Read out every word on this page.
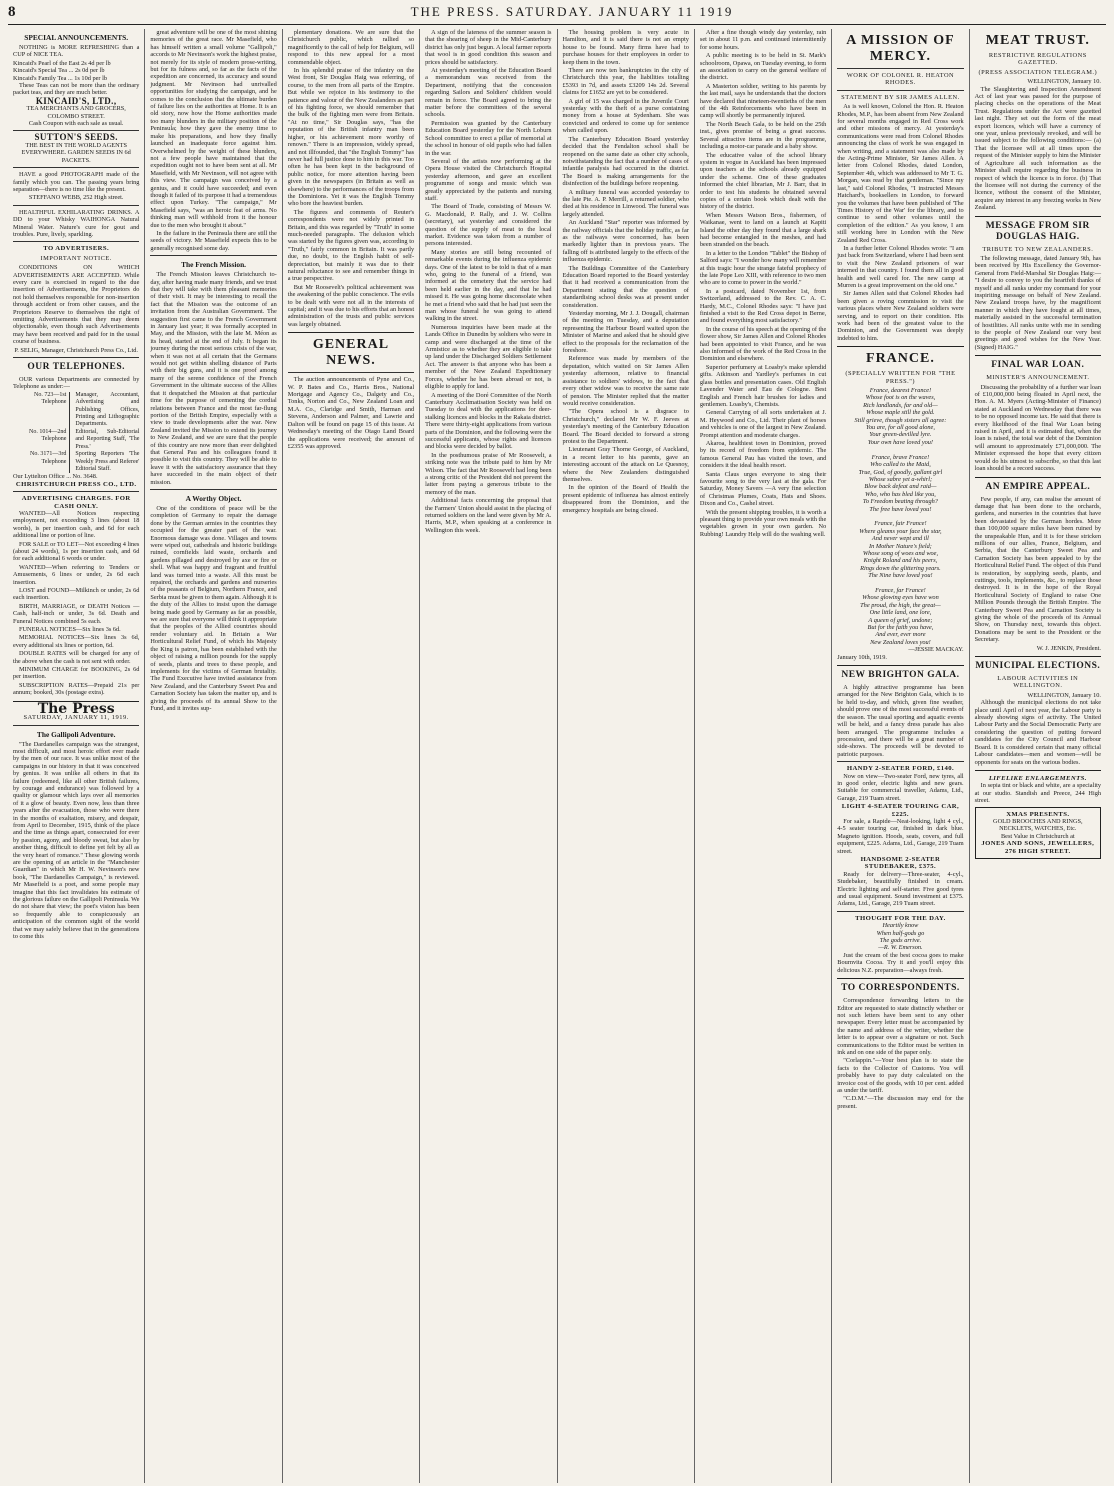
8	THE PRESS. SATURDAY. JANUARY 11 1919
SPECIAL ANNOUNCEMENTS.

NOTHING is MORE REFRESHING than a CUP of NICE TEA.

Kincaid's Pearl of the East 2s 4d per lb
Kincaid's Special Tea ... 2s 0d per lb
Kincaid's Family Tea ... 1s 10d per lb

These Teas can not be more than the ordinary packet teas, and they are much better.

KINCAID'S, LTD.,
TEA MERCHANTS AND GROCERS, COLOMBO STREET.
Cash Coupon with each sale as usual.
SUTTON'S SEEDS.
THE BEST IN THE WORLD AGENTS EVERYWHERE. GARDEN SEEDS IN 6d PACKETS.

HAVE a good PHOTOGRAPH made of the family which you can. The passing years bring separation—there is no time like the present.

STEFFANO WEBB, 252 High street.

HEALTHFUL EXHILARATING DRINKS. A DD to your Whisky WAIHONGA Natural Mineral Water. Nature's cure for gout and troubles. Pure, lively, sparkling.

TO ADVERTISERS.
IMPORTANT NOTICE.

CONDITIONS ON WHICH ADVERTISEMENTS ARE ACCEPTED. While every care is exercised in regard to the due insertion of Advertisements, the Proprietors do not hold themselves responsible for non-insertion through accident or from other causes, and the Proprietors Reserve to themselves the right of omitting Advertisements that they may deem objectionable, even though such Advertisements may have been received and paid for in the usual course of business.

P. SELIG, Manager, Christchurch Press Co., Ltd.
OUR TELEPHONES.

OUR various Departments are connected by Telephone as under:—

No. 723—1st Telephone
Manager, Accountant, Advertising and Publishing Offices, Printing and Lithographic Departments.
No. 1014—2nd Telephone
Editorial, Sub-Editorial and Reporting Staff, 'The Press.'
No. 3171—3rd Telephone
Sporting Reporters 'The Weekly Press and Referee' Editorial Staff.
Our Lyttelton Office ... No. 3648.
CHRISTCHURCH PRESS CO., LTD.
ADVERTISING CHARGES. FOR CASH ONLY.

WANTED—All Notices respecting employment, not exceeding 3 lines (about 18 words), is per insertion cash, and 6d for each additional line or portion of line.

FOR SALE or TO LET—Not exceeding 4 lines (about 24 words), 1s per insertion cash, and 6d for each additional 6 words or under.

WANTED—When referring to Tenders or Amusements, 6 lines or under, 2s 6d each insertion.

LOST and FOUND—Milkinch or under, 2s 6d each insertion.

BIRTH, MARRIAGE, or DEATH Notices —Cash, half-inch or under, 3s 6d. Death and Funeral Notices combined 5s each.

FUNERAL NOTICES—Six lines 3s 6d.

MEMORIAL NOTICES—Six lines 3s 6d, every additional six lines or portion, 6d.

DOUBLE RATES will be charged for any of the above when the cash is not sent with order.

MINIMUM CHARGE for BOOKING, 2s 6d per insertion.

SUBSCRIPTION RATES—Prepaid 21s per annum; booked, 30s (postage extra).

The Press
SATURDAY, JANUARY 11, 1919.
The Gallipoli Adventure.

"The Dardanelles campaign was the strangest, most difficult, and most heroic effort ever made by the men of our race. It was unlike most of the campaigns in our history in that it was conceived by genius. It was unlike all others in that its failure (redeemed, like all other British failures, by courage and endurance) was followed by a quality or glamour which lays over all memories of it a glow of beauty. Even now, less than three years after the evacuation, those who were there in the months of exaltation, misery, and despair, from April to December, 1915, think of the place and the time as things apart, consecrated for ever by passion, agony, and bloody sweat, but also by another thing, difficult to define yet felt by all as the very heart of romance." These glowing words are the opening of an article in the "Manchester Guardian" in which Mr H. W. Nevinson's new book, "The Dardanelles Campaign," is reviewed. Mr Masefield is a poet, and some people may imagine that this fact invalidates his estimate of the glorious failure on the Gallipoli Peninsula. We do not share that view; the poet's vision has been so frequently able to conspicuously an anticipation of the common sight of the world that we may safely believe that in the generations to come this

great adventure will be one of the most shining memories of the great race. Mr Masefield, who has himself written a small volume "Gallipoli," accords to Mr Nevinson's work the highest praise, not merely for its style of modern prose-writing, but for its fulness and, so far as the facts of the expedition are concerned, its accuracy and sound judgment. Mr Nevinson had unrivalled opportunities for studying the campaign, and he comes to the conclusion that the ultimate burden of failure lies on the authorities at Home. It is an old story, now how the Home authorities made too many blunders in the military position of the Peninsula; how they gave the enemy time to make his preparations, and how they finally launched an inadequate force against him. Overwhelmed by the weight of these blunders, not a few people have maintained that the expedition ought not to have been sent at all. Mr Masefield, with Mr Nevinson, will not agree with this view. The campaign was conceived by a genius, and it could have succeeded; and even though it failed of its purpose it had a tremendous effect upon Turkey. "The campaign," Mr Masefield says, "was an heroic feat of arms. No thinking man will withhold from it the honour due to the men who brought it about."

In the failure in the Peninsula there are still the seeds of victory. Mr Masefield expects this to be generally recognised some day.

The French Mission.

The French Mission leaves Christchurch to-day, after having made many friends, and we trust that they will take with them pleasant memories of their visit. It may be interesting to recall the fact that the Mission was the outcome of an invitation from the Australian Government. The suggestion first came to the French Government in January last year; it was formally accepted in May, and the Mission, with the late M. Méon as its head, started at the end of July. It began its journey during the most serious crisis of the war, when it was not at all certain that the Germans would not get within shelling distance of Paris with their big guns, and it is one proof among many of the serene confidence of the French Government in the ultimate success of the Allies that it despatched the Mission at that particular time for the purpose of cementing the cordial relations between France and the most far-flung portion of the British Empire, especially with a view to trade developments after the war. New Zealand invited the Mission to extend its journey to New Zealand, and we are sure that the people of this country are now more than ever delighted that General Pau and his colleagues found it possible to visit this country. They will be able to leave it with the satisfactory assurance that they have succeeded in the main object of their mission.

A Worthy Object.

One of the conditions of peace will be the completion of Germany to repair the damage done by the German armies in the countries they occupied for the greater part of the war. Enormous damage was done. Villages and towns were wiped out, cathedrals and historic buildings ruined, cornfields laid waste, orchards and gardens pillaged and destroyed by axe or fire or shell. What was happy and fragrant and fruitful land was turned into a waste. All this must be repaired, the orchards and gardens and nurseries of the peasants of Belgium, Northern France, and Serbia must be given to them again. Although it is the duty of the Allies to insist upon the damage being made good by Germany as far as possible, we are sure that everyone will think it appropriate that the peoples of the Allied countries should render voluntary aid. In Britain a War Horticultural Relief Fund, of which his Majesty the King is patron, has been established with the object of raising a million pounds for the supply of seeds, plants and trees to these people, and implements for the victims of German brutality. The Fund Executive have invited assistance from New Zealand, and the Canterbury Sweet Pea and Carnation Society has taken the matter up, and is giving the proceeds of its annual Show to the Fund, and it invites sup-

plementary donations. We are sure that the Christchurch public, which rallied so magnificently to the call of help for Belgium, will respond to this new appeal for a most commendable object.

In his splendid praise of the infantry on the West front, Sir Douglas Haig was referring, of course, to the men from all parts of the Empire. But while we rejoice in his testimony to the patience and valour of the New Zealanders as part of his fighting force, we should remember that the bulk of the fighting men were from Britain. "At no time," Sir Douglas says, "has the reputation of the British infantry man been higher, or his achievement more worthy of renown." There is an impression, widely spread, and not illfounded, that "the English Tommy" has never had full justice done to him in this war. Too often he has been kept in the background of public notice, for more attention having been given in the newspapers (in Britain as well as elsewhere) to the performances of the troops from the Dominions. Yet it was the English Tommy who bore the heaviest burden.

The figures and comments of Reuter's correspondents were not widely printed in Britain, and this was regarded by "Truth" in some much-needed paragraphs. The delusion which was started by the figures given was, according to "Truth," fairly common in Britain. It was partly due, no doubt, to the English habit of self-depreciation, but mainly it was due to their natural reluctance to see and remember things in a true perspective.

But Mr Roosevelt's political achievement was the awakening of the public conscience. The evils to be dealt with were not all in the interests of capital; and it was due to his efforts that an honest administration of the trusts and public services was largely obtained.

GENERAL NEWS.

The auction announcements of Pyne and Co., W. P. Bates and Co., Harris Bros., National Mortgage and Agency Co., Dalgety and Co., Tonks, Norton and Co., New Zealand Loan and M.A. Co., Claridge and Smith, Harman and Stevens, Anderson and Palmer, and Lawrie and Dalton will be found on page 15 of this issue. At Wednesday's meeting of the Otago Land Board the applications were received; the amount of £2355 was approved.

A sign of the lateness of the summer season is that the shearing of sheep in the Mid-Canterbury district has only just begun. A local farmer reports that wool is in good condition this season and prices should be satisfactory.

At yesterday's meeting of the Education Board a memorandum was received from the Department, notifying that the concession regarding Sailors and Soldiers' children would remain in force. The Board agreed to bring the matter before the committees of the several schools.

Permission was granted by the Canterbury Education Board yesterday for the North Loburn School committee to erect a pillar of memorial at the school in honour of old pupils who had fallen in the war.

Several of the artists now performing at the Opera House visited the Christchurch Hospital yesterday afternoon, and gave an excellent programme of songs and music which was greatly appreciated by the patients and nursing staff.

The Board of Trade, consisting of Messrs W. G. Macdonald, P. Rally, and J. W. Collins (secretary), sat yesterday and considered the question of the supply of meat to the local market. Evidence was taken from a number of persons interested.

Many stories are still being recounted of remarkable events during the influenza epidemic days. One of the latest to be told is that of a man who, going to the funeral of a friend, was informed at the cemetery that the service had been held earlier in the day, and that he had missed it. He was going home disconsolate when he met a friend who said that he had just seen the man whose funeral he was going to attend walking in the street.

Numerous inquiries have been made at the Lands Office in Dunedin by soldiers who were in camp and were discharged at the time of the Armistice as to whether they are eligible to take up land under the Discharged Soldiers Settlement Act. The answer is that anyone who has been a member of the New Zealand Expeditionary Forces, whether he has been abroad or not, is eligible to apply for land.

A meeting of the Doré Committee of the North Canterbury Acclimatisation Society was held on Tuesday to deal with the applications for deer-stalking licences and blocks in the Rakaia district. There were thirty-eight applications from various parts of the Dominion, and the following were the successful applicants, whose rights and licences and blocks were decided by ballot.

In the posthumous praise of Mr Roosevelt, a striking note was the tribute paid to him by Mr Wilson. The fact that Mr Roosevelt had long been a strong critic of the President did not prevent the latter from paying a generous tribute to the memory of the man.

Additional facts concerning the proposal that the Farmers' Union should assist in the placing of returned soldiers on the land were given by Mr A. Harris, M.P., when speaking at a conference in Wellington this week.

The housing problem is very acute in Hamilton, and it is said there is not an empty house to be found. Many firms have had to purchase houses for their employees in order to keep them in the town.

There are now ten bankruptcies in the city of Christchurch this year, the liabilities totalling £5393 in 7d, and assets £3209 14s 2d. Several claims for £1652 are yet to be considered.

A girl of 15 was charged in the Juvenile Court yesterday with the theft of a purse containing money from a house at Sydenham. She was convicted and ordered to come up for sentence when called upon.

The Canterbury Education Board yesterday decided that the Fendalton school shall be reopened on the same date as other city schools, notwithstanding the fact that a number of cases of infantile paralysis had occurred in the district. The Board is making arrangements for the disinfection of the buildings before reopening.

A military funeral was accorded yesterday to the late Pte. A. P. Merrill, a returned soldier, who died at his residence in Linwood. The funeral was largely attended.

An Auckland "Star" reporter was informed by the railway officials that the holiday traffic, as far as the railways were concerned, has been markedly lighter than in previous years. The falling off is attributed largely to the effects of the influenza epidemic.

The Buildings Committee of the Canterbury Education Board reported to the Board yesterday that it had received a communication from the Department stating that the question of standardising school desks was at present under consideration.

Yesterday morning, Mr J. J. Dougall, chairman of the meeting on Tuesday, and a deputation representing the Harbour Board waited upon the Minister of Marine and asked that he should give effect to the proposals for the reclamation of the foreshore.

Reference was made by members of the deputation, which waited on Sir James Allen yesterday afternoon, relative to financial assistance to soldiers' widows, to the fact that every other widow was to receive the same rate of pension. The Minister replied that the matter would receive consideration.

"The Opera school is a disgrace to Christchurch," declared Mr W. F. Jeeves at yesterday's meeting of the Canterbury Education Board. The Board decided to forward a strong protest to the Department.

Lieutenant Gray Thorne George, of Auckland, in a recent letter to his parents, gave an interesting account of the attack on Le Quesnoy, where the New Zealanders distinguished themselves.

In the opinion of the Board of Health the present epidemic of influenza has almost entirely disappeared from the Dominion, and the emergency hospitals are being closed.

After a fine though windy day yesterday, rain set in about 11 p.m. and continued intermittently for some hours.

A public meeting is to be held in St. Mark's schoolroom, Opawa, on Tuesday evening, to form an association to carry on the general welfare of the district.

A Masterton soldier, writing to his parents by the last mail, says he understands that the doctors have declared that nineteen-twentieths of the men of the 4th Reinforcements who have been in camp will shortly be permanently injured.

The North Beach Gala, to be held on the 25th inst., gives promise of being a great success. Several attractive items are in the programme, including a motor-car parade and a baby show.

The educative value of the school library system in vogue in Auckland has been impressed upon teachers at the schools already equipped under the scheme. One of these graduates informed the chief librarian, Mr J. Barr, that in order to test his students he obtained several copies of a certain book which dealt with the history of the district.

When Messrs Watson Bros., fishermen, of Waikanae, went to land on a launch at Kapiti Island the other day they found that a large shark had become entangled in the meshes, and had been stranded on the beach.

In a letter to the London "Tablet" the Bishop of Salford says: "I wonder how many will remember at this tragic hour the strange fateful prophecy of the late Pope Leo XIII, with reference to two men who are to come to power in the world."

In a postcard, dated November 1st, from Switzerland, addressed to the Rev. C. A. C. Hardy, M.C., Colonel Rhodes says: "I have just finished a visit to the Red Cross depot in Berne, and found everything most satisfactory."

In the course of his speech at the opening of the flower show, Sir James Allen and Colonel Rhodes had been appointed to visit France, and he was also informed of the work of the Red Cross in the Dominion and elsewhere.

Superior perfumery at Loasby's make splendid gifts. Atkinson and Yardley's perfumes in cut glass bottles and presentation cases. Old English Lavender Water and Eau de Cologne. Best English and French hair brushes for ladies and gentlemen. Loasby's, Chemists.

General Carrying of all sorts undertaken at J. M. Heywood and Co., Ltd. Their plant of horses and vehicles is one of the largest in New Zealand. Prompt attention and moderate charges.

Akaroa, healthiest town in Dominion, proved by its record of freedom from epidemic. The famous General Pau has visited the town, and considers it the ideal health resort.

Santa Claus urges everyone to sing their favourite song to the very last at the gala. For Saturday, Money Savers —A very fine selection of Christmas Plumes, Coats, Hats and Shoes. Dixon and Co., Cashel street.

With the present shipping troubles, it is worth a pleasant thing to provide your own meals with the vegetables grown in your own garden. No Rubbing! Laundry Help will do the washing well.

A MISSION OF MERCY.
WORK OF COLONEL R. HEATON RHODES.
STATEMENT BY SIR JAMES ALLEN.

As is well known, Colonel the Hon. R. Heaton Rhodes, M.P., has been absent from New Zealand for several months engaged in Red Cross work and other missions of mercy. At yesterday's communications were read from Colonel Rhodes announcing the class of work he was engaged in when writing, and a statement was also made by the Acting-Prime Minister, Sir James Allen. A letter from Colonel Rhodes, dated London, September 4th, which was addressed to Mr T. G. Morgan, was read by that gentleman. "Since my last," said Colonel Rhodes, "I instructed Messrs Hatchard's, booksellers in London, to forward you the volumes that have been published of 'The Times History of the War' for the library, and to continue to send other volumes until the completion of the edition." As you know, I am still working here in London with the New Zealand Red Cross.

In a further letter Colonel Rhodes wrote: "I am just back from Switzerland, where I had been sent to visit the New Zealand prisoners of war interned in that country. I found them all in good health and well cared for. The new camp at Murren is a great improvement on the old one."

Sir James Allen said that Colonel Rhodes had been given a roving commission to visit the various places where New Zealand soldiers were serving, and to report on their condition. His work had been of the greatest value to the Dominion, and the Government was deeply indebted to him.

FRANCE.
(SPECIALLY WRITTEN FOR "THE PRESS.")
France, dearest France!
Whose foot is on the waves,
Rich landlands, far and old—
Whose maple still the gold.
Still grieve, though sisters all agree:
You are, for all good alone,
Your green-devilled lyre.
Your own have loved you!

France, brave France!
Who called to the Maid,
True, God, of goodly, gallant girl
Whose sabre yet a-whirl;
Blow back defeat and raid—
Who, who has bled like you,
To Freedom beating through?
The free have loved you!

France, fair France!
Where gleams your face the star,
And never wept and ill
In Mother Nature's field;
Whose song of woes and woe,
Knight Roland and his peers,
Rings down the glittering years.
The Nine have loved you!

France, far France!
Whose glowing eyes have won
The proud, the high, the great—
One little land, one lore,
A queen of grief, undone;
But for the faith you have,
And ever, ever more
New Zealand loves you!
—JESSIE MACKAY.
January 10th, 1919.
NEW BRIGHTON GALA.

A highly attractive programme has been arranged for the New Brighton Gala, which is to be held to-day, and which, given fine weather, should prove one of the most successful events of the season. The usual sporting and aquatic events will be held, and a fancy dress parade has also been arranged. The programme includes a procession, and there will be a great number of side-shows. The proceeds will be devoted to patriotic purposes.

HANDY 2-SEATER FORD, £140.

Now on view—Two-seater Ford, new tyres, all in good order, electric lights and new gears. Suitable for commercial traveller, Adams, Ltd., Garage, 219 Tuam street.

LIGHT 4-SEATER TOURING CAR, £225.

For sale, a Rapide—Neat-looking, light 4 cyl., 4-5 seater touring car, finished in dark blue. Magneto ignition. Hoods, seats, covers, and full equipment, £225. Adams, Ltd., Garage, 219 Tuam street.

HANDSOME 2-SEATER STUDEBAKER, £375.

Ready for delivery—Three-seater, 4-cyl., Studebaker, beautifully finished in cream. Electric lighting and self-starter. Five good tyres and usual equipment. Sound investment at £375. Adams, Ltd., Garage, 219 Tuam street.

THOUGHT FOR THE DAY.
Heartily know
When half-gods go
The gods arrive.
—R. W. Emerson.

Just the cream of the best cocoa goes to make Bournvita Cocoa. Try it and you'll enjoy this delicious N.Z. preparation—always fresh.

TO CORRESPONDENTS.

Correspondence forwarding letters to the Editor are requested to state distinctly whether or not such letters have been sent to any other newspaper. Every letter must be accompanied by the name and address of the writer, whether the letter is to appear over a signature or not. Such communications to the Editor must be written in ink and on one side of the paper only.

"Corlappin."—Your best plan is to state the facts to the Collector of Customs. You will probably have to pay duty calculated on the invoice cost of the goods, with 10 per cent. added as under the tariff.

"C.D.M."—The discussion may end for the present.

MEAT TRUST.
RESTRICTIVE REGULATIONS GAZETTED.
(PRESS ASSOCIATION TELEGRAM.)
WELLINGTON, January 10.

The Slaughtering and Inspection Amendment Act of last year was passed for the purpose of placing checks on the operations of the Meat Trust. Regulations under the Act were gazetted last night. They set out the form of the meat export licences, which will have a currency of one year, unless previously revoked, and will be issued subject to the following conditions:— (a) That the licensee will at all times upon the request of the Minister supply to him the Minister of Agriculture all such information as the Minister shall require regarding the business in respect of which the licence is in force. (b) That the licensee will not during the currency of the licence, without the consent of the Minister, acquire any interest in any freezing works in New Zealand.

MESSAGE FROM SIR DOUGLAS HAIG.
TRIBUTE TO NEW ZEALANDERS.

The following message, dated January 9th, has been received by His Excellency the Governor-General from Field-Marshal Sir Douglas Haig:— "I desire to convey to you the heartfelt thanks of myself and all ranks under my command for your inspiriting message on behalf of New Zealand. New Zealand troops have, by the magnificent manner in which they have fought at all times, materially assisted in the successful termination of hostilities. All ranks unite with me in sending to the people of New Zealand our very best greetings and good wishes for the New Year. (Signed) HAIG."

FINAL WAR LOAN.
MINISTER'S ANNOUNCEMENT.

Discussing the probability of a further war loan of £10,000,000 being floated in April next, the Hon. A. M. Myers (Acting-Minister of Finance) stated at Auckland on Wednesday that there was to be no opposed income tax. He said that there is every likelihood of the final War Loan being raised in April, and it is estimated that, when the loan is raised, the total war debt of the Dominion will amount to approximately £71,000,000. The Minister expressed the hope that every citizen would do his utmost to subscribe, so that this last loan should be a record success.

AN EMPIRE APPEAL.

Few people, if any, can realise the amount of damage that has been done to the orchards, gardens, and nurseries in the countries that have been devastated by the German hordes. More than 100,000 square miles have been ruined by the unspeakable Hun, and it is for these stricken millions of our allies, France, Belgium, and Serbia, that the Canterbury Sweet Pea and Carnation Society has been appealed to by the Horticultural Relief Fund. The object of this Fund is restoration, by supplying seeds, plants, and cuttings, tools, implements, &c., to replace those destroyed. It is in the hope of the Royal Horticultural Society of England to raise One Million Pounds through the British Empire. The Canterbury Sweet Pea and Carnation Society is giving the whole of the proceeds of its Annual Show, on Thursday next, towards this object. Donations may be sent to the President or the Secretary.

W. J. JENKIN, President.
MUNICIPAL ELECTIONS.
LABOUR ACTIVITIES IN WELLINGTON.
WELLINGTON, January 10.

Although the municipal elections do not take place until April of next year, the Labour party is already showing signs of activity. The United Labour Party and the Social Democratic Party are considering the question of putting forward candidates for the City Council and Harbour Board. It is considered certain that many official Labour candidates—men and women—will be opponents for seats on the various bodies.

LIFELIKE ENLARGEMENTS.

In sepia tint or black and white, are a speciality at our studio. Standish and Preece, 244 High street.

XMAS PRESENTS.
GOLD BROOCHES AND RINGS, NECKLETS, WATCHES, Etc.
Best Value in Christchurch at
JONES AND SONS, JEWELLERS, 276 HIGH STREET.
